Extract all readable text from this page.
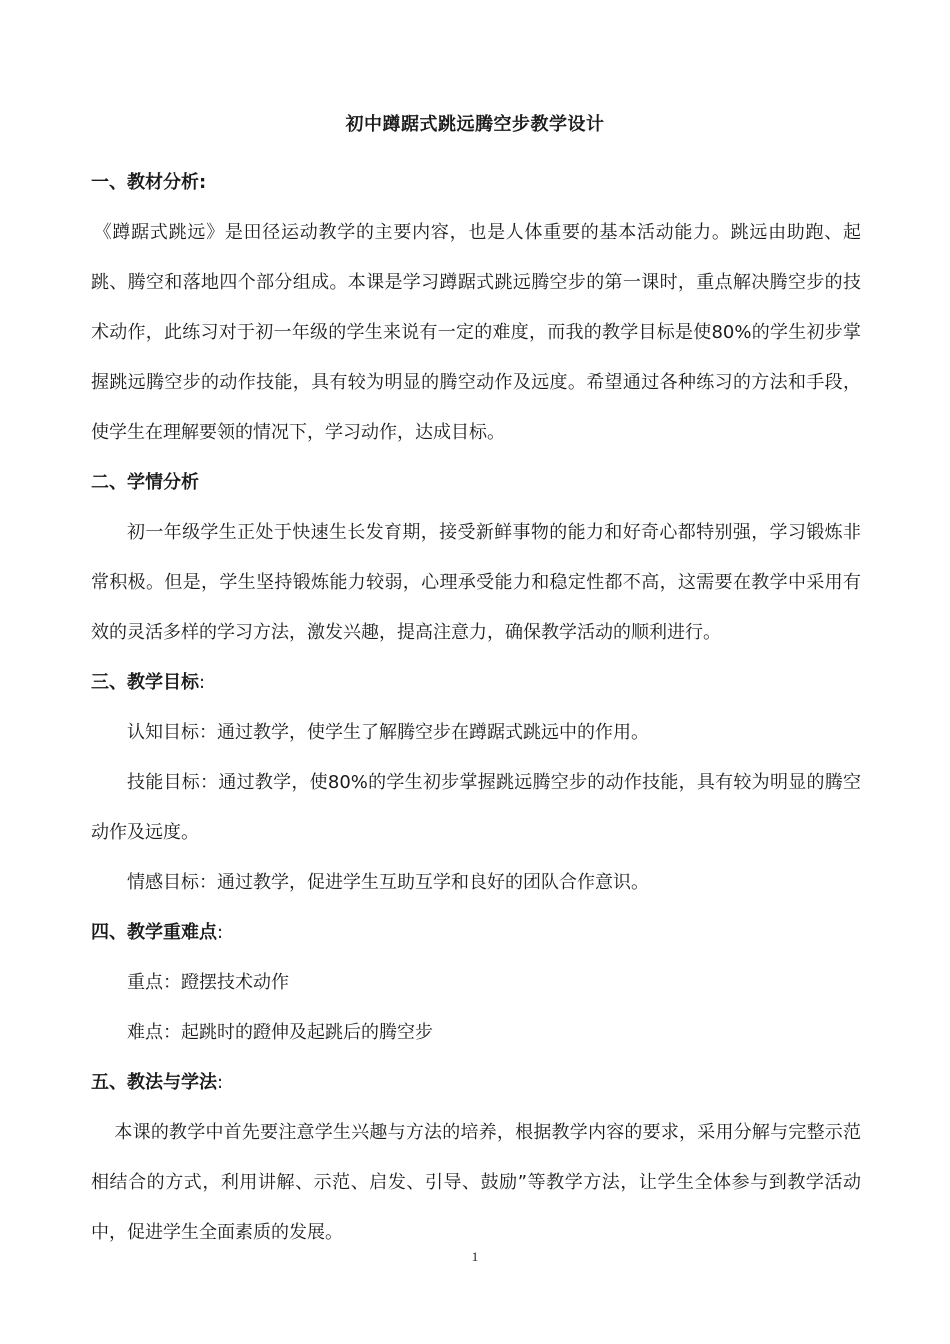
初中蹲踞式跳远腾空步教学设计

一、教材分析:

《蹲踞式跳远》是田径运动教学的主要内容，也是人体重要的基本活动能力。跳远由助跑、起跳、腾空和落地四个部分组成。本课是学习蹲踞式跳远腾空步的第一课时，重点解决腾空步的技术动作，此练习对于初一年级的学生来说有一定的难度，而我的教学目标是使80%的学生初步掌握跳远腾空步的动作技能，具有较为明显的腾空动作及远度。希望通过各种练习的方法和手段，使学生在理解要领的情况下，学习动作，达成目标。

二、学情分析

初一年级学生正处于快速生长发育期，接受新鲜事物的能力和好奇心都特别强，学习锻炼非常积极。但是，学生坚持锻炼能力较弱，心理承受能力和稳定性都不高，这需要在教学中采用有效的灵活多样的学习方法，激发兴趣，提高注意力，确保教学活动的顺利进行。

三、教学目标:

认知目标：通过教学，使学生了解腾空步在蹲踞式跳远中的作用。

技能目标：通过教学，使80%的学生初步掌握跳远腾空步的动作技能，具有较为明显的腾空动作及远度。

情感目标：通过教学，促进学生互助互学和良好的团队合作意识。

四、教学重难点:

重点：蹬摆技术动作

难点：起跳时的蹬伸及起跳后的腾空步

五、教法与学法:

本课的教学中首先要注意学生兴趣与方法的培养，根据教学内容的要求，采用分解与完整示范相结合的方式，利用讲解、示范、启发、引导、鼓励”等教学方法，让学生全体参与到教学活动中，促进学生全面素质的发展。

1
